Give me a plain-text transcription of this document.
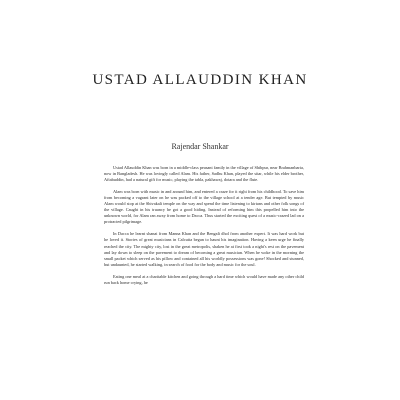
USTAD ALLAUDDIN KHAN
Rajendar Shankar

Ustad Allauddin Khan was born in a middle-class peasant family in the village of Shibpur, near Brahmanbaria, now in Bangladesh. He was lovingly called Alam. His father, Sadhu Khan, played the sitar, while his elder brother, Aftabuddin, had a natural gift for music, playing the tabla, pakhawaj, dotara and the flute.

Alam was born with music in and around him, and entered a craze for it right from his childhood. To save him from becoming a vagrant later on he was packed off to the village school at a tender age. But tempted by music Alam would stop at the Shivakali temple on the way and spend the time listening to kirtans and other folk songs of the village. Caught in his truancy he got a good hiding. Instead of reforming him this propelled him into the unknown world, for Alam ran away from home to Dacca. Thus started the exciting quest of a music-crazed lad on a protracted pilgrimage.

In Dacca he learnt shanai from Manna Khan and the Bengali dhol from another expert. It was hard work but he loved it. Stories of great musicians in Calcutta began to haunt his imagination. Having a keen urge he finally reached the city. The mighty city, lost in the great metropolis, shaken he at first took a night's rest on the pavement and lay down to sleep on the pavement to dream of becoming a great musician. When he woke in the morning the small packet which served as his pillow and contained all his worldly possessions was gone! Shocked and stunned, but undaunted, he started walking, in search of food for the body and music for the soul.

Eating one meal at a charitable kitchen and going through a hard time which would have made any other child run back home crying, he
